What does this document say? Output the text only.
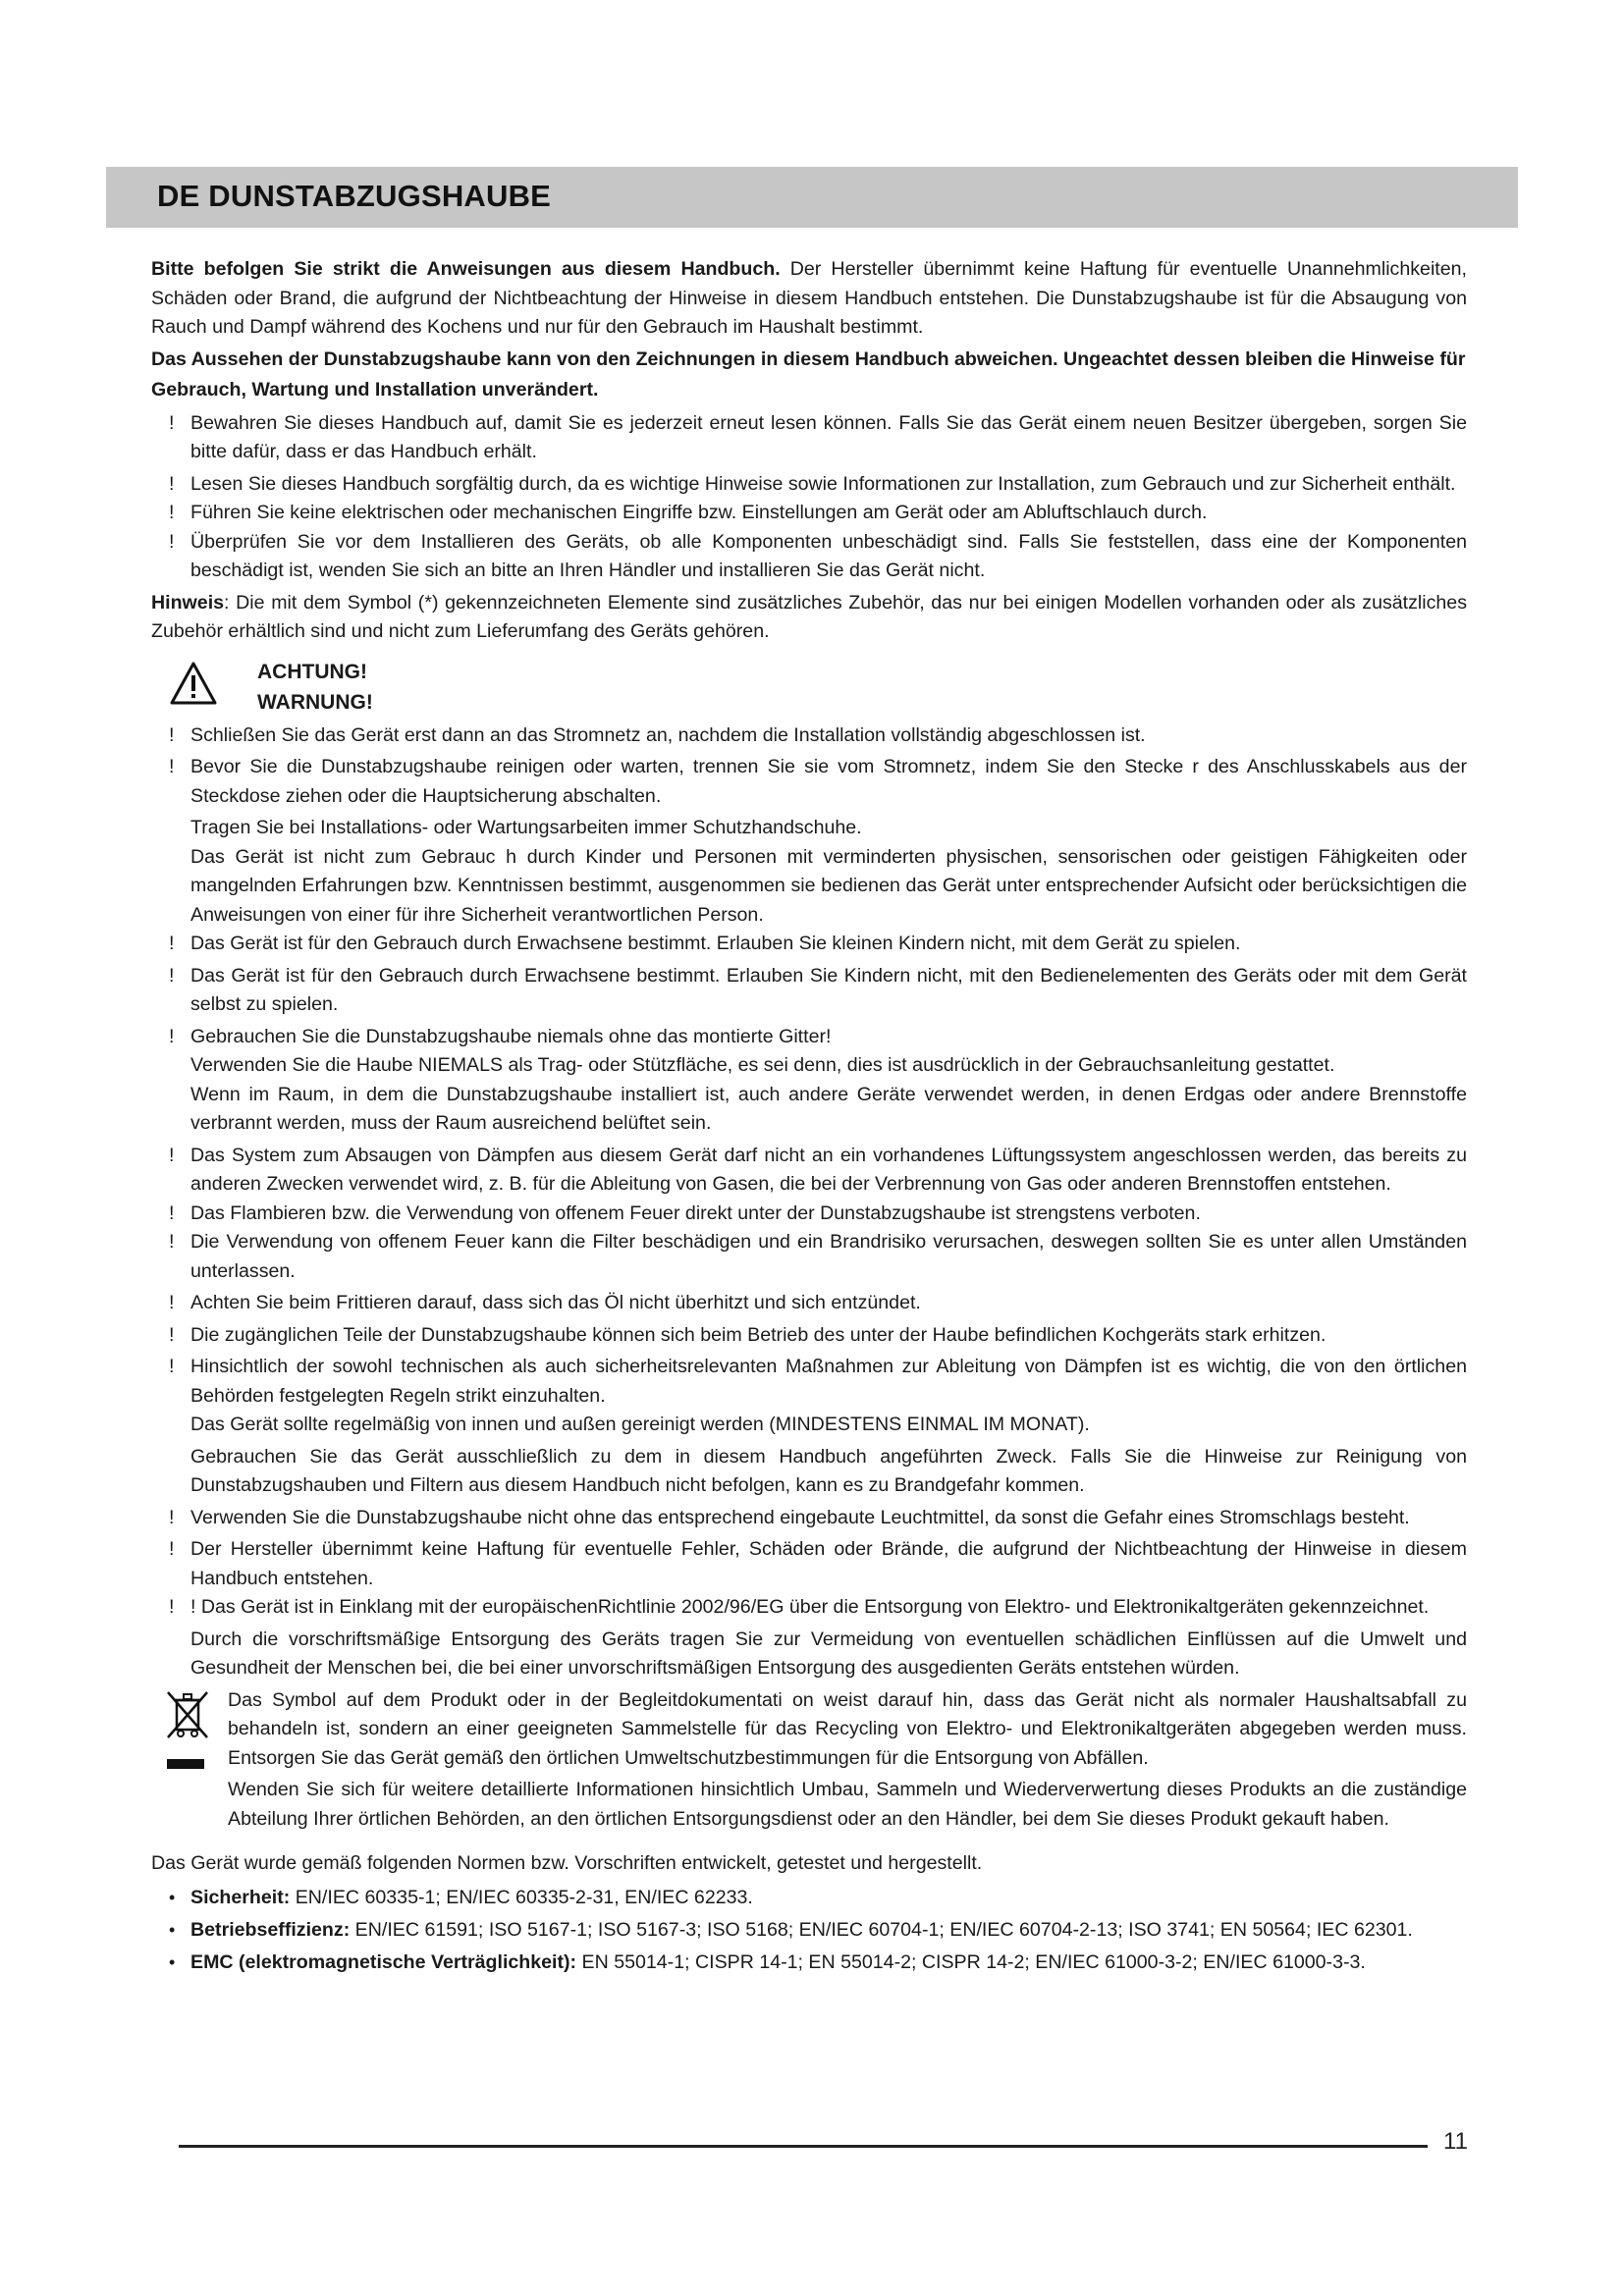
DE DUNSTABZUGSHAUBE

Bitte befolgen Sie strikt die Anweisungen aus diesem Handbuch. Der Hersteller übernimmt keine Haftung für eventuelle Unannehmlichkeiten, Schäden oder Brand, die aufgrund der Nichtbeachtung der Hinweise in diesem Handbuch entstehen. Die Dunstabzugshaube ist für die Absaugung von Rauch und Dampf während des Kochens und nur für den Gebrauch im Haushalt bestimmt.

Das Aussehen der Dunstabzugshaube kann von den Zeichnungen in diesem Handbuch abweichen. Ungeachtet dessen bleiben die Hinweise für Gebrauch, Wartung und Installation unverändert.

! Bewahren Sie dieses Handbuch auf, damit Sie es jederzeit erneut lesen können. Falls Sie das Gerät einem neuen Besitzer übergeben, sorgen Sie bitte dafür, dass er das Handbuch erhält.
! Lesen Sie dieses Handbuch sorgfältig durch, da es wichtige Hinweise sowie Informationen zur Installation, zum Gebrauch und zur Sicherheit enthält.
! Führen Sie keine elektrischen oder mechanischen Eingriffe bzw. Einstellungen am Gerät oder am Abluftschlauch durch.
! Überprüfen Sie vor dem Installieren des Geräts, ob alle Komponenten unbeschädigt sind. Falls Sie feststellen, dass eine der Komponenten beschädigt ist, wenden Sie sich an bitte an Ihren Händler und installieren Sie das Gerät nicht.

Hinweis: Die mit dem Symbol (*) gekennzeichneten Elemente sind zusätzliches Zubehör, das nur bei einigen Modellen vorhanden oder als zusätzliches Zubehör erhältlich sind und nicht zum Lieferumfang des Geräts gehören.

ACHTUNG!
WARNUNG!
! Schließen Sie das Gerät erst dann an das Stromnetz an, nachdem die Installation vollständig abgeschlossen ist.
! Bevor Sie die Dunstabzugshaube reinigen oder warten, trennen Sie sie vom Stromnetz, indem Sie den Stecke r des Anschlusskabels aus der Steckdose ziehen oder die Hauptsicherung abschalten.

Tragen Sie bei Installations- oder Wartungsarbeiten immer Schutzhandschuhe.

Das Gerät ist nicht zum Gebrauc h durch Kinder und Personen mit verminderten physischen, sensorischen oder geistigen Fähigkeiten oder mangelnden Erfahrungen bzw. Kenntnissen bestimmt, ausgenommen sie bedienen das Gerät unter entsprechender Aufsicht oder berücksichtigen die Anweisungen von einer für ihre Sicherheit verantwortlichen Person.

! Das Gerät ist für den Gebrauch durch Erwachsene bestimmt. Erlauben Sie kleinen Kindern nicht, mit dem Gerät zu spielen.
! Das Gerät ist für den Gebrauch durch Erwachsene bestimmt. Erlauben Sie Kindern nicht, mit den Bedienelementen des Geräts oder mit dem Gerät selbst zu spielen.
! Gebrauchen Sie die Dunstabzugshaube niemals ohne das montierte Gitter!

Verwenden Sie die Haube NIEMALS als Trag- oder Stützfläche, es sei denn, dies ist ausdrücklich in der Gebrauchsanleitung gestattet.

Wenn im Raum, in dem die Dunstabzugshaube installiert ist, auch andere Geräte verwendet werden, in denen Erdgas oder andere Brennstoffe verbrannt werden, muss der Raum ausreichend belüftet sein.

! Das System zum Absaugen von Dämpfen aus diesem Gerät darf nicht an ein vorhandenes Lüftungssystem angeschlossen werden, das bereits zu anderen Zwecken verwendet wird, z. B. für die Ableitung von Gasen, die bei der Verbrennung von Gas oder anderen Brennstoffen entstehen.
! Das Flambieren bzw. die Verwendung von offenem Feuer direkt unter der Dunstabzugshaube ist strengstens verboten.
! Die Verwendung von offenem Feuer kann die Filter beschädigen und ein Brandrisiko verursachen, deswegen sollten Sie es unter allen Umständen unterlassen.
! Achten Sie beim Frittieren darauf, dass sich das Öl nicht überhitzt und sich entzündet.
! Die zugänglichen Teile der Dunstabzugshaube können sich beim Betrieb des unter der Haube befindlichen Kochgeräts stark erhitzen.
! Hinsichtlich der sowohl technischen als auch sicherheitsrelevanten Maßnahmen zur Ableitung von Dämpfen ist es wichtig, die von den örtlichen Behörden festgelegten Regeln strikt einzuhalten.

Das Gerät sollte regelmäßig von innen und außen gereinigt werden (MINDESTENS EINMAL IM MONAT).

Gebrauchen Sie das Gerät ausschließlich zu dem in diesem Handbuch angeführten Zweck. Falls Sie die Hinweise zur Reinigung von Dunstabzugshauben und Filtern aus diesem Handbuch nicht befolgen, kann es zu Brandgefahr kommen.

! Verwenden Sie die Dunstabzugshaube nicht ohne das entsprechend eingebaute Leuchtmittel, da sonst die Gefahr eines Stromschlags besteht.
! Der Hersteller übernimmt keine Haftung für eventuelle Fehler, Schäden oder Brände, die aufgrund der Nichtbeachtung der Hinweise in diesem Handbuch entstehen.
! ! Das Gerät ist in Einklang mit der europäischenRichtlinie 2002/96/EG über die Entsorgung von Elektro- und Elektronikaltgeräten gekennzeichnet.

Durch die vorschriftsmäßige Entsorgung des Geräts tragen Sie zur Vermeidung von eventuellen schädlichen Einflüssen auf die Umwelt und Gesundheit der Menschen bei, die bei einer unvorschriftsmäßigen Entsorgung des ausgedienten Geräts entstehen würden.

Das Symbol auf dem Produkt oder in der Begleitdokumentati on weist darauf hin, dass das Gerät nicht als normaler Haushaltsabfall zu behandeln ist, sondern an einer geeigneten Sammelstelle für das Recycling von Elektro- und Elektronikaltgeräten abgegeben werden muss. Entsorgen Sie das Gerät gemäß den örtlichen Umweltschutzbestimmungen für die Entsorgung von Abfällen.

Wenden Sie sich für weitere detaillierte Informationen hinsichtlich Umbau, Sammeln und Wiederverwertung dieses Produkts an die zuständige Abteilung Ihrer örtlichen Behörden, an den örtlichen Entsorgungsdienst oder an den Händler, bei dem Sie dieses Produkt gekauft haben.

Das Gerät wurde gemäß folgenden Normen bzw. Vorschriften entwickelt, getestet und hergestellt.

• Sicherheit: EN/IEC 60335-1; EN/IEC 60335-2-31, EN/IEC 62233.
• Betriebseffizienz: EN/IEC 61591; ISO 5167-1; ISO 5167-3; ISO 5168; EN/IEC 60704-1; EN/IEC 60704-2-13; ISO 3741; EN 50564; IEC 62301.
• EMC (elektromagnetische Verträglichkeit): EN 55014-1; CISPR 14-1; EN 55014-2; CISPR 14-2; EN/IEC 61000-3-2; EN/IEC 61000-3-3.
11
